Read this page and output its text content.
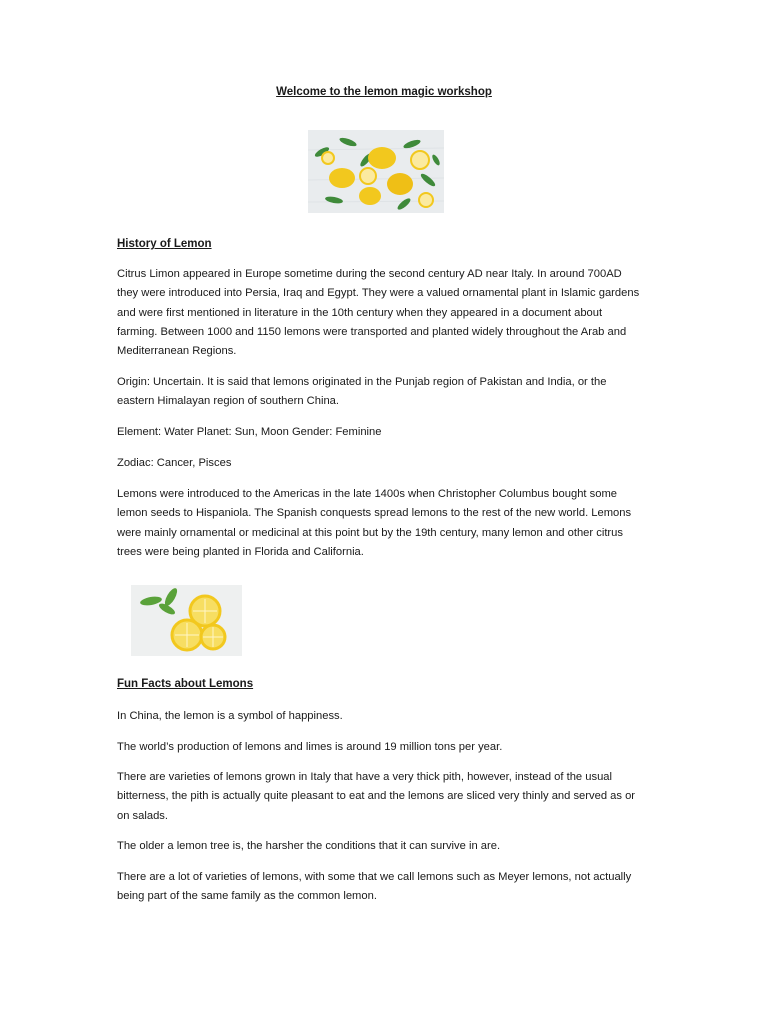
Welcome to the lemon magic workshop
History of Lemon

Citrus Limon appeared in Europe sometime during the second century AD near Italy. In around 700AD they were introduced into Persia, Iraq and Egypt. They were a valued ornamental plant in Islamic gardens and were first mentioned in literature in the 10th century when they appeared in a document about farming. Between 1000 and 1150 lemons were transported and planted widely throughout the Arab and Mediterranean Regions.

Origin: Uncertain. It is said that lemons originated in the Punjab region of Pakistan and India, or the eastern Himalayan region of southern China.

Element: Water Planet: Sun, Moon Gender: Feminine

Zodiac: Cancer, Pisces

Lemons were introduced to the Americas in the late 1400s when Christopher Columbus bought some lemon seeds to Hispaniola. The Spanish conquests spread lemons to the rest of the new world. Lemons were mainly ornamental or medicinal at this point but by the 19th century, many lemon and other citrus trees were being planted in Florida and California.

Fun Facts about Lemons

In China, the lemon is a symbol of happiness.

The world’s production of lemons and limes is around 19 million tons per year.

There are varieties of lemons grown in Italy that have a very thick pith, however, instead of the usual bitterness, the pith is actually quite pleasant to eat and the lemons are sliced very thinly and served as or on salads.

The older a lemon tree is, the harsher the conditions that it can survive in are.

There are a lot of varieties of lemons, with some that we call lemons such as Meyer lemons, not actually being part of the same family as the common lemon.
